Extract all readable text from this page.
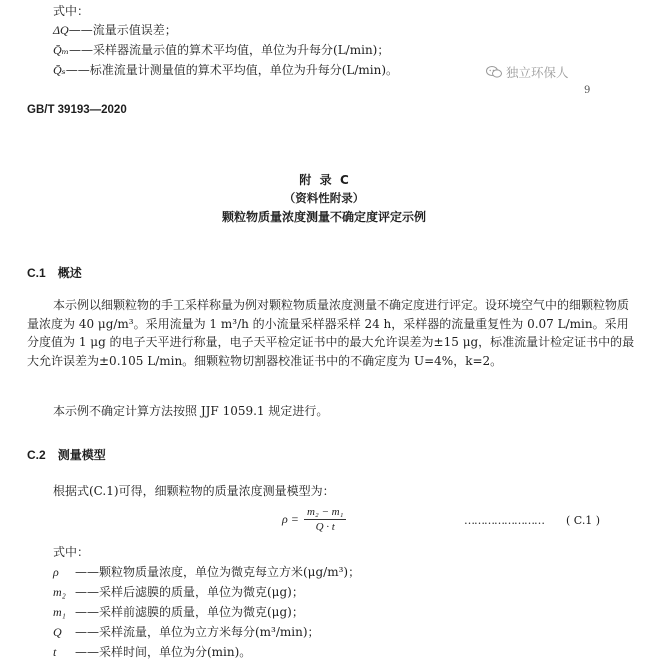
式中：
ΔQ——流量示值误差；
Q̄ₘ——采样器流量示值的算术平均值，单位为升每分(L/min)；
Q̄ₛ——标准流量计测量值的算术平均值，单位为升每分(L/min)。	独立环保人
9
GB/T 39193—2020
附  录  C
（资料性附录）
颗粒物质量浓度测量不确定度评定示例
C.1 概述
本示例以细颗粒物的手工采样称量为例对颗粒物质量浓度测量不确定度进行评定。设环境空气中的细颗粒物质量浓度为 40 μg/m³。采用流量为 1 m³/h 的小流量采样器采样 24 h，采样器的流量重复性为 0.07 L/min。采用分度值为 1 μg 的电子天平进行称量，电子天平检定证书中的最大允许误差为±15 μg，标准流量计检定证书中的最大允许误差为±0.105 L/min。细颗粒物切割器校准证书中的不确定度为 U=4%，k=2。
本示例不确定计算方法按照 JJF 1059.1 规定进行。
C.2 测量模型
根据式(C.1)可得，细颗粒物的质量浓度测量模型为：
$\rho = \frac{\text{m₂ − m₁}}{Q \cdot t}$	…………………… ( C.1 )
式中：
ρ ——颗粒物质量浓度，单位为微克每立方米(μg/m³)；
m₂ ——采样后滤膜的质量，单位为微克(μg)；
m₁ ——采样前滤膜的质量，单位为微克(μg)；
Q ——采样流量，单位为立方米每分(m³/min)；
t ——采样时间，单位为分(min)。
